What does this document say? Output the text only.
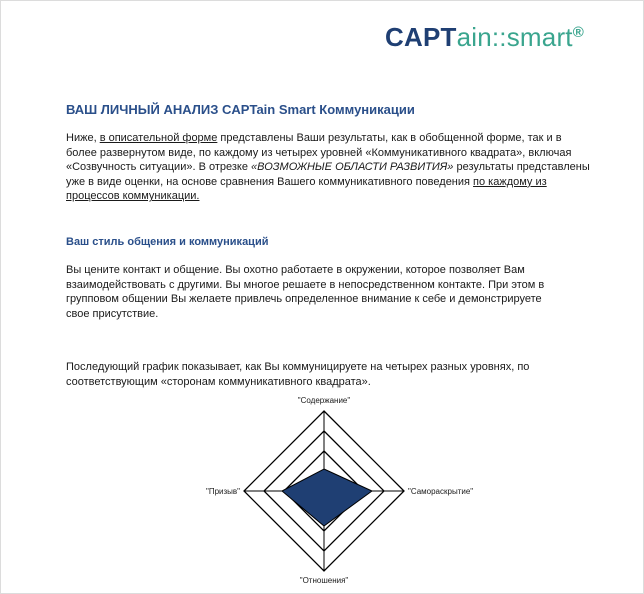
CAPTain::smart®
ВАШ ЛИЧНЫЙ АНАЛИЗ CAPTain Smart Коммуникации
Ниже, в описательной форме представлены Ваши результаты, как в обобщенной форме, так и в более развернутом виде, по каждому из четырех уровней «Коммуникативного квадрата», включая «Созвучность ситуации». В отрезке «ВОЗМОЖНЫЕ ОБЛАСТИ РАЗВИТИЯ» результаты представлены уже в виде оценки, на основе сравнения Вашего коммуникативного поведения по каждому из процессов коммуникации.
Ваш стиль общения и коммуникаций
Вы цените контакт и общение. Вы охотно работаете в окружении, которое позволяет Вам взаимодействовать с другими. Вы многое решаете в непосредственном контакте. При этом в групповом общении Вы желаете привлечь определенное внимание к себе и демонстрируете свое присутствие.
Последующий график показывает, как Вы коммуницируете на четырех разных уровнях, по соответствующим «сторонам коммуникативного квадрата».
"Содержание"
"Самораскрытие"
"Отношения"
"Призыв"
